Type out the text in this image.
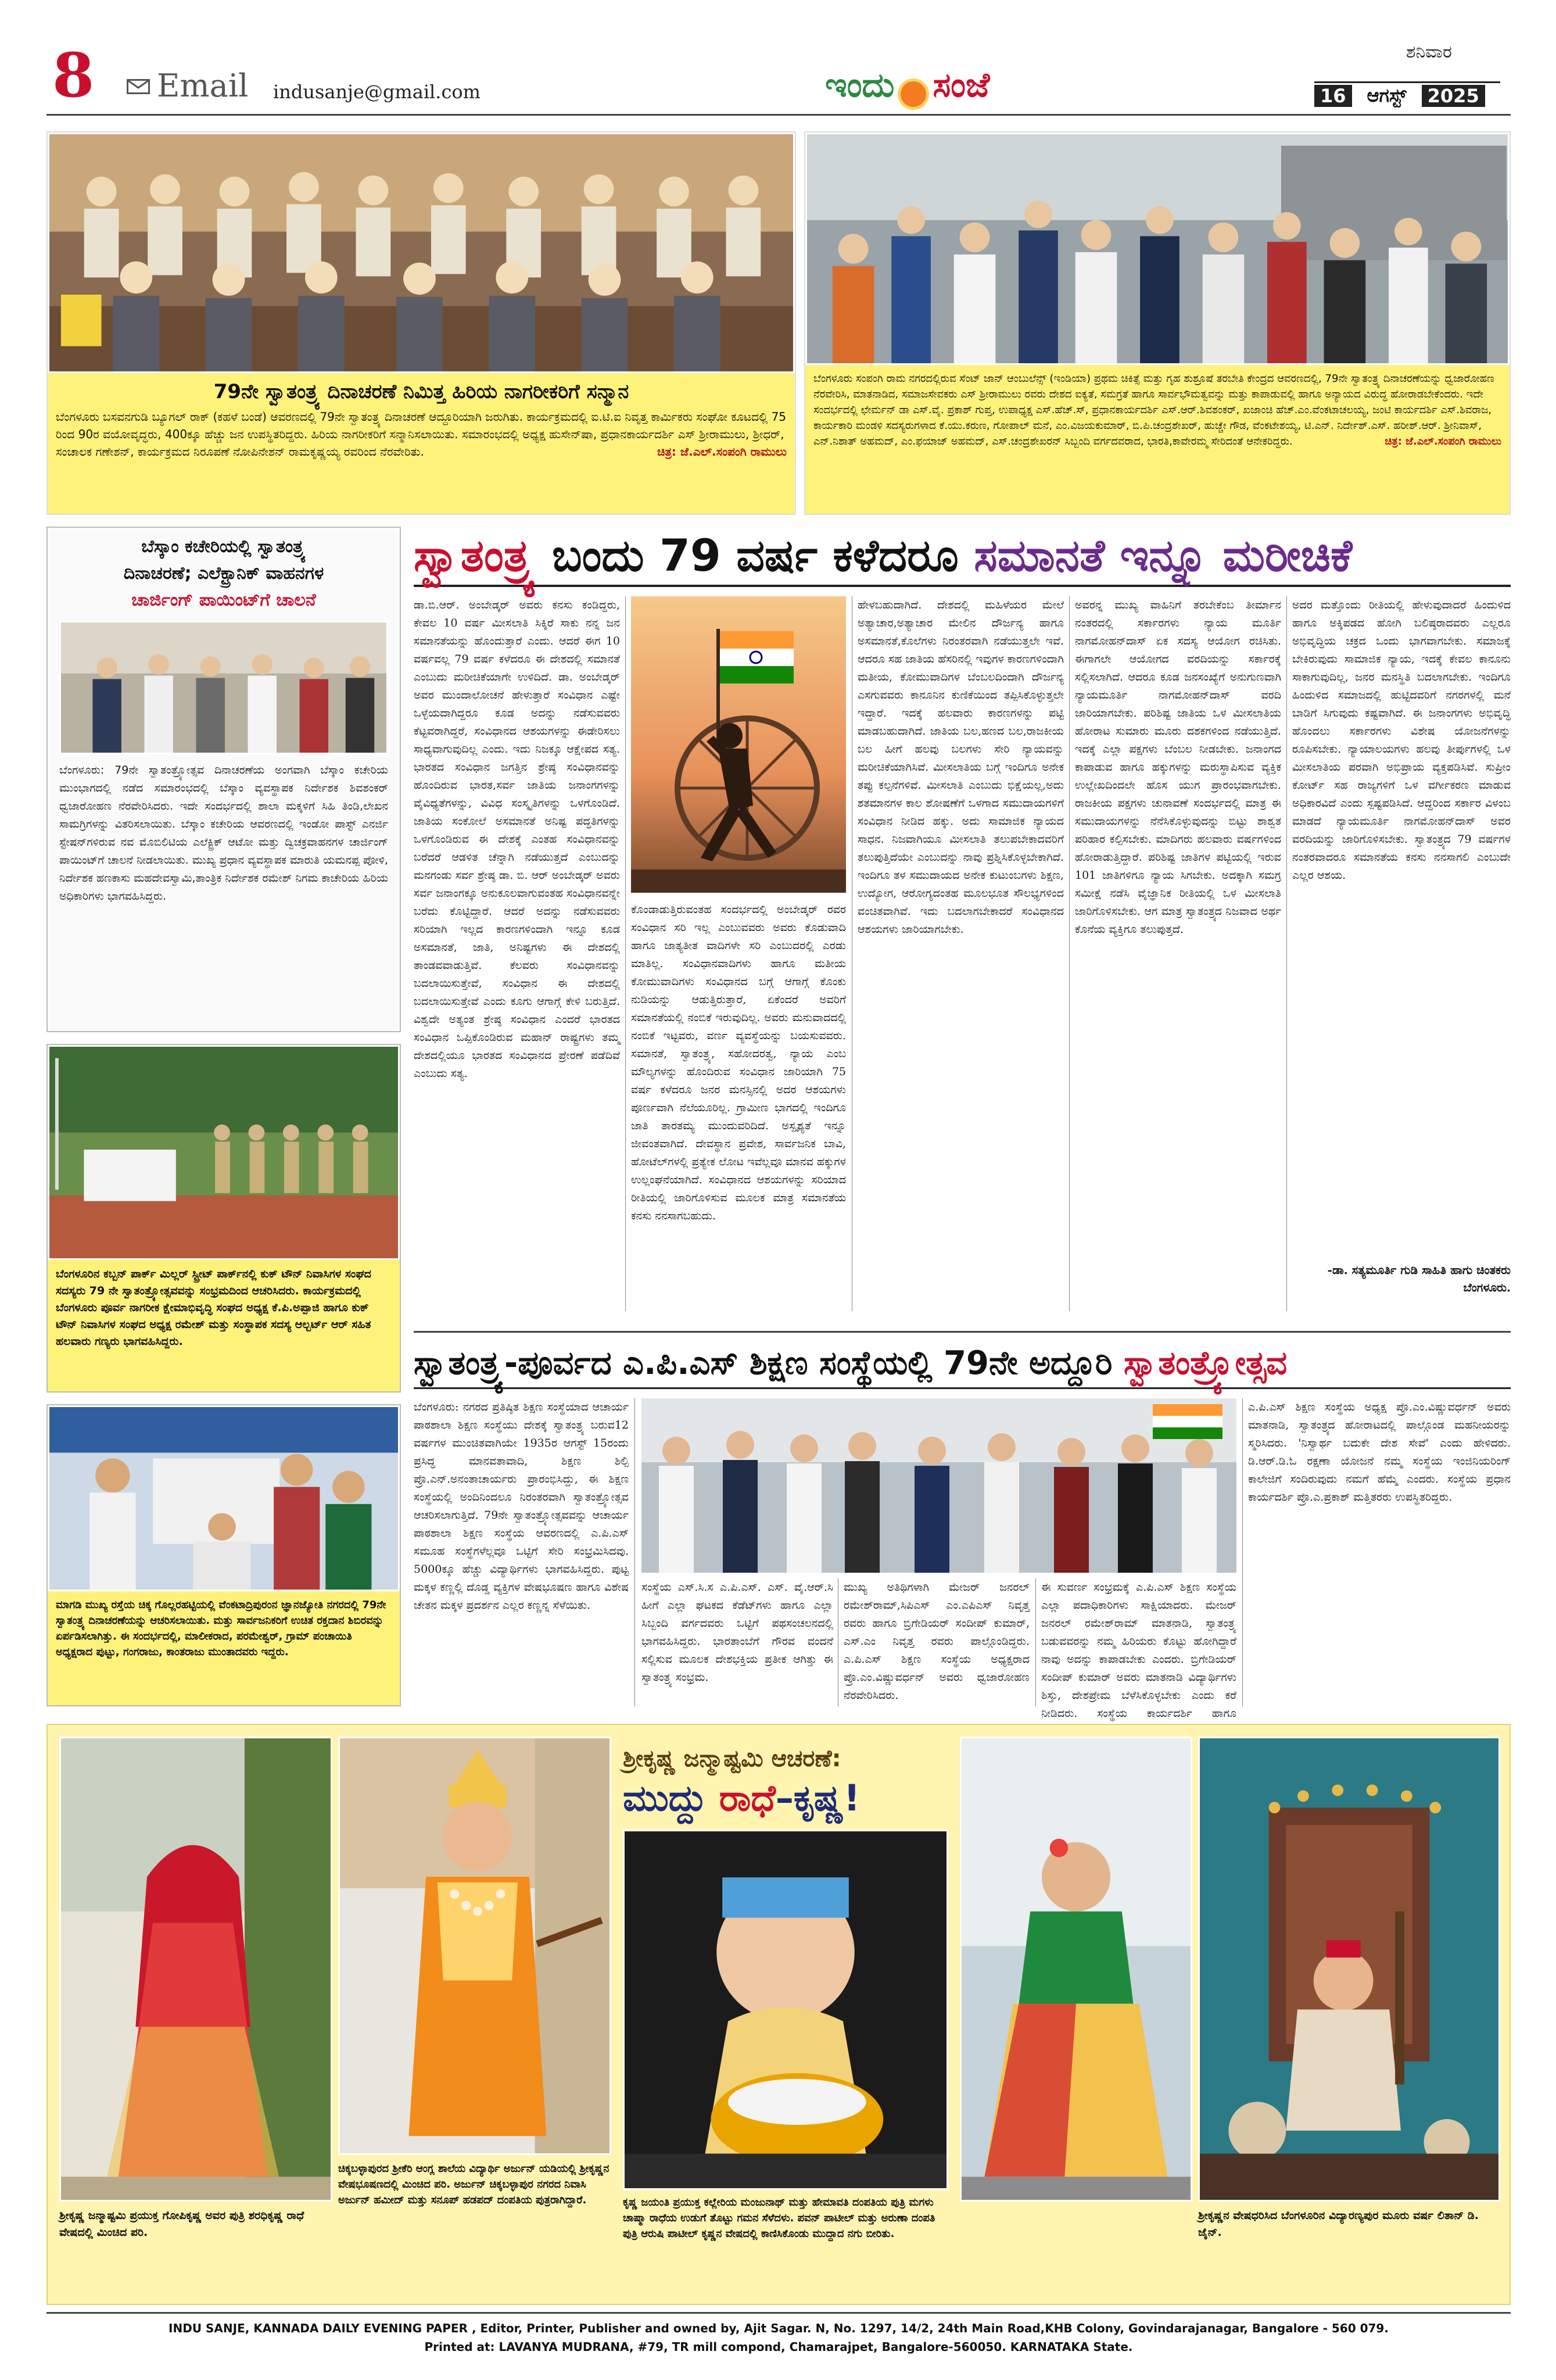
8 Email indusanje@gmail.com	ಇಂದು ಸಂಜೆ
ಶನಿವಾರ
16	ಆಗಸ್ಟ್	2025
79ನೇ ಸ್ವಾತಂತ್ರ್ಯ ದಿನಾಚರಣೆ ನಿಮಿತ್ತ ಹಿರಿಯ ನಾಗರೀಕರಿಗೆ ಸನ್ಮಾನ
ಬೆಂಗಳೂರು ಬಸವನಗುಡಿ ಬ್ಯೂಗಲ್ ರಾಕ್ (ಕಹಳೆ ಬಂಡೆ) ಆವರಣದಲ್ಲಿ 79ನೇ ಸ್ವಾತಂತ್ರ್ಯ ದಿನಾಚರಣೆ ಆದ್ದೂರಿಯಾಗಿ ಜರುಗಿತು. ಕಾರ್ಯಕ್ರಮದಲ್ಲಿ ಐ.ಟಿ.ಐ ನಿವೃತ್ತ ಕಾರ್ಮಿಕರು ಸಂಘೋ ಕೂಟದಲ್ಲಿ 75 ರಿಂದ 90ರ ವಯೋವೃದ್ಧರು, 400ಕ್ಕೂ ಹೆಚ್ಚು ಜನ ಉಪಸ್ಥಿತರಿದ್ದರು. ಹಿರಿಯ ನಾಗರೀಕರಿಗೆ ಸನ್ಮಾನಿಸಲಾಯಿತು. ಸಮಾರಂಭದಲ್ಲಿ ಅಧ್ಯಕ್ಷ ಹುಸೇನ್‌ಷಾ, ಪ್ರಧಾನಕಾರ್ಯದರ್ಶಿ ಎಸ್ ಶ್ರೀರಾಮುಲು, ಶ್ರೀಧರ್, ಸಂಚಾಲಕ ಗಣೇಶನ್, ಕಾರ್ಯಕ್ರಮದ ನಿರೂಪಣೆ ನೋಪಿನೇಶನ್ ರಾಮಕೃಷ್ಣಯ್ಯ ರವರಿಂದ ನೆರವೇರಿತು.	ಚಿತ್ರ: ಜೆ.ಎಲ್.ಸಂಪಂಗಿ ರಾಮುಲು
ಬೆಂಗಳೂರು ಸಂಪಂಗಿ ರಾಮ ನಗರದಲ್ಲಿರುವ ಸೆಂಟ್ ಜಾನ್ ಆಂಬುಲೆನ್ಸ್ (ಇಂಡಿಯಾ) ಪ್ರಥಮ ಚಿಕಿತ್ಸೆ ಮತ್ತು ಗೃಹ ಶುಶ್ರೂಷೆ ತರಬೇತಿ ಕೇಂದ್ರದ ಆವರಣದಲ್ಲಿ, 79ನೇ ಸ್ವಾತಂತ್ರ್ಯ ದಿನಾಚರಣೆಯನ್ನು ಧ್ವಜಾರೋಹಣ ನೆರವೇರಿಸಿ, ಮಾತನಾಡಿದ, ಸಮಾಜಸೇವಕರು ಎಸ್ ಶ್ರೀರಾಮುಲು ರವರು ದೇಶದ ಐಕ್ಯತೆ, ಸಮಗ್ರತೆ ಹಾಗೂ ಸಾರ್ವಭೌಮತ್ವವನ್ನು ಮತ್ತು ಕಾಪಾಡುವಲ್ಲಿ ಹಾಗೂ ಅನ್ಯಾಯದ ವಿರುದ್ಧ ಹೋರಾಡಬೇಕೆಂದರು. ಇದೇ ಸಂದರ್ಭದಲ್ಲಿ ಛೇರ್ಮನ್ ಡಾ ಎಸ್.ವೈ. ಪ್ರಕಾಶ್ ಗುಪ್ತ, ಉಪಾಧ್ಯಕ್ಷ ಎಸ್.ಹೆಚ್.ಸ್, ಪ್ರಧಾನಕಾರ್ಯದರ್ಶಿ ಎಸ್.ಆರ್.ಶಿವಶಂಕರ್, ಖಜಾಂಚಿ ಹೆಚ್.ಎಂ.ವೆಂಕಟಾಚಲಯ್ಯ, ಜಂಟಿ ಕಾರ್ಯದರ್ಶಿ ಎಸ್.ಶಿವರಾಜ, ಕಾರ್ಯಕಾರಿ ಮಂಡಳಿ ಸದಸ್ಯರುಗಳಾದ ಕೆ.ಯು.ಕರುಣ, ಗೋಪಾಲ್ ಮನೆ, ಎಂ.ವಿಜಯಕುಮಾರ್, ಬಿ.ಪಿ.ಚಂದ್ರಶೇಖರ್, ಹುಚ್ಚೇ ಗೌಡ, ವೆಂಕಟೇಶಯ್ಯ, ಟಿ.ಎನ್. ನಿರ್ದೇಶ್.ಎಸ್. ಹರೀಶ್.ಆರ್. ಶ್ರೀನಿವಾಸ್, ಎನ್.ನಿಶಾತ್ ಅಹಮದ್, ಎಂ.ಫಯಾಜ್ ಅಹಮದ್, ಎಸ್.ಚಂದ್ರಶೇಖರನ್ ಸಿಬ್ಬಂದಿ ವರ್ಗದವರಾದ, ಭಾರತಿ,ಕಾವೇರಮ್ಮ ಸೇರಿದಂತೆ ಆನೇಕರಿದ್ದರು.	ಚಿತ್ರ: ಜೆ.ಎಲ್.ಸಂಪಂಗಿ ರಾಮುಲು
ಬೆಸ್ಕಾಂ ಕಚೇರಿಯಲ್ಲಿ ಸ್ವಾತಂತ್ರ್ಯ
ದಿನಾಚರಣೆ; ಎಲೆಕ್ಟ್ರಾನಿಕ್ ವಾಹನಗಳ
ಚಾರ್ಜಿಂಗ್ ಪಾಯಿಂಟ್‌ಗೆ ಚಾಲನೆ
ಬೆಂಗಳೂರು: 79ನೇ ಸ್ವಾತಂತ್ರ್ಯೋತ್ಸವ ದಿನಾಚರಣೆಯ ಅಂಗವಾಗಿ ಬೆಸ್ಕಾಂ ಕಚೇರಿಯ ಮುಂಭಾಗದಲ್ಲಿ ನಡೆದ ಸಮಾರಂಭದಲ್ಲಿ ಬೆಸ್ಕಾಂ ವ್ಯವಸ್ಥಾಪಕ ನಿರ್ದೇಶಕ ಶಿವಶಂಕರ್ ಧ್ವಜಾರೋಹಣ ನೆರವೇರಿಸಿದರು. ಇದೇ ಸಂದರ್ಭದಲ್ಲಿ ಶಾಲಾ ಮಕ್ಕಳಿಗೆ ಸಿಹಿ ತಿಂಡಿ,ಲೇಖನ ಸಾಮಗ್ರಿಗಳನ್ನು ವಿತರಿಸಲಾಯಿತು. ಬೆಸ್ಕಾಂ ಕಚೇರಿಯ ಆವರಣದಲ್ಲಿ ಇಂಡೋ ಪಾಸ್ಟ್ ಎನರ್ಜಿ ಸ್ಟೇಷನ್‌ಗಳಿರುವ ನವ ಮೊಬಿಲಿಟಿಯ ಎಲೆಕ್ಟ್ರಿಕ್ ಆಟೋ ಮತ್ತು ದ್ವಿಚಕ್ರವಾಹನಗಳ ಚಾರ್ಜಿಂಗ್ ಪಾಯಿಂಟ್‌ಗೆ ಚಾಲನೆ ನೀಡಲಾಯಿತು. ಮುಖ್ಯ ಪ್ರಧಾನ ವ್ಯವಸ್ಥಾಪಕ ಮಾರುತಿ ಯಮನಪ್ಪ ಪೋಳಿ, ನಿರ್ದೇಶಕ ಹಣಕಾಸು ಮಹದೇವಸ್ವಾಮಿ,ತಾಂತ್ರಿಕ ನಿರ್ದೇಶಕ ರಮೇಶ್ ನಿಗಮ ಕಾಚೇರಿಯ ಹಿರಿಯ ಅಧಿಕಾರಿಗಳು ಭಾಗವಹಿಸಿದ್ದರು.
ಬೆಂಗಳೂರಿನ ಕಬ್ಬನ್ ಪಾರ್ಕ್ ಮಿಲ್ಲರ್ ಸ್ಟ್ರೀಟ್ ಪಾರ್ಕ್‌ನಲ್ಲಿ ಕುಕ್ ಟೌನ್ ನಿವಾಸಿಗಳ ಸಂಘದ ಸದಸ್ಯರು 79 ನೇ ಸ್ವಾತಂತ್ರ್ಯೋತ್ಸವವನ್ನು ಸಂಭ್ರಮದಿಂದ ಆಚರಿಸಿದರು. ಕಾರ್ಯಕ್ರಮದಲ್ಲಿ ಬೆಂಗಳೂರು ಪೂರ್ವ ನಾಗರೀಕ ಕ್ಷೇಮಾಭಿವೃದ್ಧಿ ಸಂಘದ ಅಧ್ಯಕ್ಷ ಕೆ.ಪಿ.ಅಪ್ಪಾಜಿ ಹಾಗೂ ಕುಕ್ ಟೌನ್ ನಿವಾಸಿಗಳ ಸಂಘದ ಅಧ್ಯಕ್ಷ ರಮೇಶ್ ಮತ್ತು ಸಂಸ್ಥಾಪಕ ಸದಸ್ಯ ಆಲ್ಬರ್ಟ್ ಆರ್ ಸಹಿತ ಹಲವಾರು ಗಣ್ಯರು ಭಾಗವಹಿಸಿದ್ದರು.
ಮಾಗಡಿ ಮುಖ್ಯ ರಸ್ತೆಯ ಚಿಕ್ಕ ಗೊಲ್ಲರಹಟ್ಟಿಯಲ್ಲಿ ವೆಂಕಟಾದ್ರಿಪುರಂನ ಜ್ಞಾನಜ್ಯೋತಿ ನಗರದಲ್ಲಿ 79ನೇ ಸ್ವಾತಂತ್ರ್ಯ ದಿನಾಚರಣೆಯನ್ನು ಆಚರಿಸಲಾಯಿತು. ಮತ್ತು ಸಾರ್ವಜನಿಕರಿಗೆ ಉಚಿತ ರಕ್ತದಾನ ಶಿಬಿರವನ್ನು ಏರ್ಪಡಿಸಲಾಗಿತ್ತು. ಈ ಸಂದರ್ಭದಲ್ಲಿ, ಮಾಲೀಕರಾದ, ಪರಮೇಶ್ವರ್, ಗ್ರಾಮ್ ಪಂಚಾಯಿತಿ ಅಧ್ಯಕ್ಷರಾದ ಪುಟ್ಟು, ಗಂಗರಾಜು, ಕಾಂತರಾಜು ಮುಂತಾದವರು ಇದ್ದರು.
ಸ್ವಾತಂತ್ರ್ಯ ಬಂದು 79 ವರ್ಷ ಕಳೆದರೂ ಸಮಾನತೆ ಇನ್ನೂ ಮರೀಚಿಕೆ
ಡಾ.ಬಿ.ಆರ್. ಅಂಬೇಡ್ಕರ್ ಅವರು ಕನಸು ಕಂಡಿದ್ದರು, ಕೇವಲ 10 ವರ್ಷ ಮೀಸಲಾತಿ ಸಿಕ್ಕಿರೆ ಸಾಕು ನನ್ನ ಜನ ಸಮಾನತೆಯನ್ನು ಹೊಂದುತ್ತಾರೆ ಎಂದು. ಆದರೆ ಈಗ 10 ವರ್ಷವಲ್ಲ 79 ವರ್ಷ ಕಳೆದರೂ ಈ ದೇಶದಲ್ಲಿ ಸಮಾನತೆ ಎಂಬುದು ಮರೀಚಿಕೆಯಾಗೇ ಉಳಿದಿದೆ. ಡಾ. ಅಂಬೇಡ್ಕರ್ ಅವರ ಮುಂದಾಲೋಚನೆ ಹೇಳುತ್ತಾರೆ ಸಂವಿಧಾನ ಎಷ್ಟೇ ಒಳ್ಳೆಯದಾಗಿದ್ದರೂ ಕೂಡ ಅದನ್ನು ನಡೆಸುವವರು ಕೆಟ್ಟವರಾಗಿದ್ದರೆ, ಸಂವಿಧಾನದ ಆಶಯಗಳನ್ನು ಈಡೇರಿಸಲು ಸಾಧ್ಯವಾಗುವುದಿಲ್ಲ ಎಂದು. ಇದು ನಿಜಕ್ಕೂ ಆಕ್ಷೇಪದ ಸತ್ಯ. ಭಾರತದ ಸಂವಿಧಾನ ಜಗತ್ತಿನ ಶ್ರೇಷ್ಠ ಸಂವಿಧಾನವನ್ನು ಹೊಂದಿರುವ ಭಾರತ,ಸರ್ವ ಜಾತಿಯ ಜನಾಂಗಗಳನ್ನು ವೈವಿಧ್ಯತೆಗಳನ್ನು, ವಿವಿಧ ಸಂಸ್ಕೃತಿಗಳನ್ನು ಒಳಗೊಂಡಿದೆ. ಜಾತಿಯ ಸಂಕೋಲೆ ಅಸಮಾನತೆ ಅನಿಷ್ಟ ಪದ್ಧತಿಗಳನ್ನು ಒಳಗೊಂಡಿರುವ ಈ ದೇಶಕ್ಕೆ ಎಂತಹ ಸಂವಿಧಾನವನ್ನು ಬರೆದರೆ ಆಡಳಿತ ಚೆನ್ನಾಗಿ ನಡೆಯುತ್ತದೆ ಎಂಬುದನ್ನು ಮನಗಂಡು ಸರ್ವ ಶ್ರೇಷ್ಠ ಡಾ. ಬಿ. ಆರ್ ಅಂಬೇಡ್ಕರ್ ಅವರು ಸರ್ವ ಜನಾಂಗಕ್ಕೂ ಅನುಕೂಲವಾಗುವಂತಹ ಸಂವಿಧಾನವನ್ನೇ ಬರೆದು ಕೊಟ್ಟಿದ್ದಾರೆ. ಆದರೆ ಅದನ್ನು ನಡೆಸುವವರು ಸರಿಯಾಗಿ ಇಲ್ಲದ ಕಾರಣಗಳಿಂದಾಗಿ ಇನ್ನೂ ಕೂಡ ಅಸಮಾನತೆ, ಜಾತಿ, ಅನಿಷ್ಟಗಳು ಈ ದೇಶದಲ್ಲಿ ತಾಂಡವವಾಡುತ್ತಿವೆ. ಕೆಲವರು ಸಂವಿಧಾನವನ್ನು ಬದಲಾಯಿಸುತ್ತೇವೆ, ಸಂವಿಧಾನ ಈ ದೇಶದಲ್ಲಿ ಬದಲಾಯಿಸುತ್ತೇವೆ ಎಂದು ಕೂಗು ಆಗಾಗ್ಗೆ ಕೇಳಿ ಬರುತ್ತಿದೆ. ವಿಶ್ವದೇ ಅತ್ಯಂತ ಶ್ರೇಷ್ಠ ಸಂವಿಧಾನ ಎಂದರೆ ಭಾರತದ ಸಂವಿಧಾನ ಒಪ್ಪಿಕೊಂಡಿರುವ ಮಹಾನ್ ರಾಷ್ಟ್ರಗಳು ತಮ್ಮ ದೇಶದಲ್ಲಿಯೂ ಭಾರತದ ಸಂವಿಧಾನದ ಪ್ರೇರಣೆ ಪಡೆದಿವೆ ಎಂಬುದು ಸತ್ಯ.
ಕೊಂಡಾಡುತ್ತಿರುವಂತಹ ಸಂದರ್ಭದಲ್ಲಿ ಅಂಬೇಡ್ಕರ್ ರವರ ಸಂವಿಧಾನ ಸರಿ ಇಲ್ಲ ಎಂಬುವವರು ಅವರು ಕೊಡುವಾದಿ ಹಾಗೂ ಜಾತ್ಯತೀತ ವಾದಿಗಳೇ ಸರಿ ಎಂಬುದರಲ್ಲಿ ಎರಡು ಮಾತಿಲ್ಲ. ಸಂವಿಧಾನವಾದಿಗಳು ಹಾಗೂ ಮತೀಯ ಕೋಮುವಾದಿಗಳು ಸಂವಿಧಾನದ ಬಗ್ಗೆ ಆಗಾಗ್ಗೆ ಕೊಂಕು ನುಡಿಯನ್ನು ಆಡುತ್ತಿರುತ್ತಾರೆ, ಏಕೆಂದರೆ ಅವರಿಗೆ ಸಮಾನತೆಯಲ್ಲಿ ನಂಬಿಕೆ ಇರುವುದಿಲ್ಲ. ಅವರು ಮನುವಾದದಲ್ಲಿ ನಂಬಿಕೆ ಇಟ್ಟವರು, ವರ್ಣ ವ್ಯವಸ್ಥೆಯನ್ನು ಬಯಸುವವರು. ಸಮಾನತೆ, ಸ್ವಾತಂತ್ರ್ಯ, ಸಹೋದರತ್ವ, ನ್ಯಾಯ ಎಂಬ ಮೌಲ್ಯಗಳನ್ನು ಹೊಂದಿರುವ ಸಂವಿಧಾನ ಜಾರಿಯಾಗಿ 75 ವರ್ಷ ಕಳೆದರೂ ಜನರ ಮನಸ್ಸಿನಲ್ಲಿ ಅದರ ಆಶಯಗಳು ಪೂರ್ಣವಾಗಿ ನೆಲೆಯೂರಿಲ್ಲ. ಗ್ರಾಮೀಣ ಭಾಗದಲ್ಲಿ ಇಂದಿಗೂ ಜಾತಿ ತಾರತಮ್ಯ ಮುಂದುವರಿದಿದೆ. ಅಸ್ಪೃಶ್ಯತೆ ಇನ್ನೂ ಜೀವಂತವಾಗಿದೆ. ದೇವಸ್ಥಾನ ಪ್ರವೇಶ, ಸಾರ್ವಜನಿಕ ಬಾವಿ, ಹೋಟೆಲ್‌ಗಳಲ್ಲಿ ಪ್ರತ್ಯೇಕ ಲೋಟ ಇವೆಲ್ಲವೂ ಮಾನವ ಹಕ್ಕುಗಳ ಉಲ್ಲಂಘನೆಯಾಗಿದೆ. ಸಂವಿಧಾನದ ಆಶಯಗಳನ್ನು ಸರಿಯಾದ ರೀತಿಯಲ್ಲಿ ಜಾರಿಗೊಳಿಸುವ ಮೂಲಕ ಮಾತ್ರ ಸಮಾನತೆಯ ಕನಸು ನನಸಾಗಬಹುದು.
ಹೇಳಬಹುದಾಗಿದೆ. ದೇಶದಲ್ಲಿ ಮಹಿಳೆಯರ ಮೇಲೆ ಅತ್ಯಾಚಾರ,ಅತ್ಯಾಚಾರ ಮೇಲಿನ ದೌರ್ಜನ್ಯ ಹಾಗೂ ಅಸಮಾನತೆ,ಕೊಲೆಗಳು ನಿರಂತರವಾಗಿ ನಡೆಯುತ್ತಲೇ ಇವೆ. ಆದರೂ ಸಹ ಜಾತಿಯ ಹೆಸರಿನಲ್ಲಿ ಇವುಗಳ ಕಾರಣಗಳಿಂದಾಗಿ ಮತೀಯ, ಕೋಮುವಾದಿಗಳ ಬೆಂಬಲದಿಂದಾಗಿ ದೌರ್ಜನ್ಯ ಎಸಗುವವರು ಕಾನೂನಿನ ಕುಣಿಕೆಯಿಂದ ತಪ್ಪಿಸಿಕೊಳ್ಳುತ್ತಲೇ ಇದ್ದಾರೆ. ಇದಕ್ಕೆ ಹಲವಾರು ಕಾರಣಗಳನ್ನು ಪಟ್ಟಿ ಮಾಡಬಹುದಾಗಿದೆ. ಜಾತಿಯ ಬಲ,ಹಣದ ಬಲ,ರಾಜಕೀಯ ಬಲ ಹೀಗೆ ಹಲವು ಬಲಗಳು ಸೇರಿ ನ್ಯಾಯವನ್ನು ಮರೀಚಿಕೆಯಾಗಿಸಿವೆ. ಮೀಸಲಾತಿಯ ಬಗ್ಗೆ ಇಂದಿಗೂ ಅನೇಕ ತಪ್ಪು ಕಲ್ಪನೆಗಳಿವೆ. ಮೀಸಲಾತಿ ಎಂಬುದು ಭಿಕ್ಷೆಯಲ್ಲ,ಅದು ಶತಮಾನಗಳ ಕಾಲ ಶೋಷಣೆಗೆ ಒಳಗಾದ ಸಮುದಾಯಗಳಿಗೆ ಸಂವಿಧಾನ ನೀಡಿದ ಹಕ್ಕು. ಅದು ಸಾಮಾಜಿಕ ನ್ಯಾಯದ ಸಾಧನ. ನಿಜವಾಗಿಯೂ ಮೀಸಲಾತಿ ತಲುಪಬೇಕಾದವರಿಗೆ ತಲುಪುತ್ತಿದೆಯೇ ಎಂಬುದನ್ನು ನಾವು ಪ್ರಶ್ನಿಸಿಕೊಳ್ಳಬೇಕಾಗಿದೆ. ಇಂದಿಗೂ ತಳ ಸಮುದಾಯದ ಅನೇಕ ಕುಟುಂಬಗಳು ಶಿಕ್ಷಣ, ಉದ್ಯೋಗ, ಆರೋಗ್ಯದಂತಹ ಮೂಲಭೂತ ಸೌಲಭ್ಯಗಳಿಂದ ವಂಚಿತವಾಗಿವೆ. ಇದು ಬದಲಾಗಬೇಕಾದರೆ ಸಂವಿಧಾನದ ಆಶಯಗಳು ಜಾರಿಯಾಗಬೇಕು.
ಅವರನ್ನ ಮುಖ್ಯ ವಾಹಿನಿಗೆ ತರಬೇಕೆಂಬ ತೀರ್ಮಾನ ನಂತರದಲ್ಲಿ ಸರ್ಕಾರಗಳು ನ್ಯಾಯ ಮೂರ್ತಿ ನಾಗಮೋಹನ್‌ದಾಸ್ ಏಕ ಸದಸ್ಯ ಆಯೋಗ ರಚಿಸಿತು. ಈಗಾಗಲೇ ಆಯೋಗದ ವರದಿಯನ್ನು ಸರ್ಕಾರಕ್ಕೆ ಸಲ್ಲಿಸಲಾಗಿದೆ. ಆದರೂ ಕೂಡ ಜನಸಂಖ್ಯೆಗೆ ಅನುಗುಣವಾಗಿ ನ್ಯಾಯಮೂರ್ತಿ ನಾಗಮೋಹನ್‌ದಾಸ್ ವರದಿ ಜಾರಿಯಾಗಬೇಕು. ಪರಿಶಿಷ್ಟ ಜಾತಿಯ ಒಳ ಮೀಸಲಾತಿಯ ಹೋರಾಟ ಸುಮಾರು ಮೂರು ದಶಕಗಳಿಂದ ನಡೆಯುತ್ತಿದೆ. ಇದಕ್ಕೆ ಎಲ್ಲಾ ಪಕ್ಷಗಳು ಬೆಂಬಲ ನೀಡಬೇಕು. ಜನಾಂಗದ ಕಾಪಾಡುವ ಹಾಗೂ ಹಕ್ಕುಗಳನ್ನು ಮರುಸ್ಥಾಪಿಸುವ ವ್ಯಕ್ತಿಕ ಉಲ್ಲೇಖದಿಂದಲೇ ಹೊಸ ಯುಗ ಪ್ರಾರಂಭವಾಗಬೇಕು. ರಾಜಕೀಯ ಪಕ್ಷಗಳು ಚುನಾವಣೆ ಸಂದರ್ಭದಲ್ಲಿ ಮಾತ್ರ ಈ ಸಮುದಾಯಗಳನ್ನು ನೆನೆಸಿಕೊಳ್ಳುವುದನ್ನು ಬಿಟ್ಟು ಶಾಶ್ವತ ಪರಿಹಾರ ಕಲ್ಪಿಸಬೇಕು. ಮಾದಿಗರು ಹಲವಾರು ವರ್ಷಗಳಿಂದ ಹೋರಾಡುತ್ತಿದ್ದಾರೆ. ಪರಿಶಿಷ್ಟ ಜಾತಿಗಳ ಪಟ್ಟಿಯಲ್ಲಿ ಇರುವ 101 ಜಾತಿಗಳಿಗೂ ನ್ಯಾಯ ಸಿಗಬೇಕು. ಅದಕ್ಕಾಗಿ ಸಮಗ್ರ ಸಮೀಕ್ಷೆ ನಡೆಸಿ ವೈಜ್ಞಾನಿಕ ರೀತಿಯಲ್ಲಿ ಒಳ ಮೀಸಲಾತಿ ಜಾರಿಗೊಳಿಸಬೇಕು. ಆಗ ಮಾತ್ರ ಸ್ವಾತಂತ್ರ್ಯದ ನಿಜವಾದ ಅರ್ಥ ಕೊನೆಯ ವ್ಯಕ್ತಿಗೂ ತಲುಪುತ್ತದೆ.
ಅದರ ಮತ್ತೊಂದು ರೀತಿಯಲ್ಲಿ ಹೇಳುವುದಾದರೆ ಹಿಂದುಳಿದ ಹಾಗೂ ಅಕ್ಕಿಪಡದ ಹೋಗಿ ಬಲಿಷ್ಠರಾದವರು ಎಲ್ಲರೂ ಅಭಿವೃದ್ಧಿಯ ಚಕ್ರದ ಒಂದು ಭಾಗವಾಗಬೇಕು. ಸಮಾಜಕ್ಕೆ ಬೇಕಿರುವುದು ಸಾಮಾಜಿಕ ನ್ಯಾಯ, ಇದಕ್ಕೆ ಕೇವಲ ಕಾನೂನು ಸಾಕಾಗುವುದಿಲ್ಲ, ಜನರ ಮನಸ್ಥಿತಿ ಬದಲಾಗಬೇಕು. ಇಂದಿಗೂ ಹಿಂದುಳಿದ ಸಮಾಜದಲ್ಲಿ ಹುಟ್ಟಿದವರಿಗೆ ನಗರಗಳಲ್ಲಿ ಮನೆ ಬಾಡಿಗೆ ಸಿಗುವುದು ಕಷ್ಟವಾಗಿದೆ. ಈ ಜನಾಂಗಗಳು ಅಭಿವೃದ್ಧಿ ಹೊಂದಲು ಸರ್ಕಾರಗಳು ವಿಶೇಷ ಯೋಜನೆಗಳನ್ನು ರೂಪಿಸಬೇಕು. ನ್ಯಾಯಾಲಯಗಳು ಹಲವು ತೀರ್ಪುಗಳಲ್ಲಿ ಒಳ ಮೀಸಲಾತಿಯ ಪರವಾಗಿ ಅಭಿಪ್ರಾಯ ವ್ಯಕ್ತಪಡಿಸಿವೆ. ಸುಪ್ರೀಂ ಕೋರ್ಟ್ ಸಹ ರಾಜ್ಯಗಳಿಗೆ ಒಳ ವರ್ಗೀಕರಣ ಮಾಡುವ ಅಧಿಕಾರವಿದೆ ಎಂದು ಸ್ಪಷ್ಟಪಡಿಸಿದೆ. ಆದ್ದರಿಂದ ಸರ್ಕಾರ ವಿಳಂಬ ಮಾಡದೆ ನ್ಯಾಯಮೂರ್ತಿ ನಾಗಮೋಹನ್‌ದಾಸ್ ಅವರ ವರದಿಯನ್ನು ಜಾರಿಗೊಳಿಸಬೇಕು. ಸ್ವಾತಂತ್ರ್ಯದ 79 ವರ್ಷಗಳ ನಂತರವಾದರೂ ಸಮಾನತೆಯ ಕನಸು ನನಸಾಗಲಿ ಎಂಬುದೇ ಎಲ್ಲರ ಆಶಯ.
-ಡಾ. ಸತ್ಯಮೂರ್ತಿ ಗುಡಿ ಸಾಹಿತಿ ಹಾಗು ಚಿಂತಕರು ಬೆಂಗಳೂರು.
ಸ್ವಾತಂತ್ರ್ಯ-ಪೂರ್ವದ ಎ.ಪಿ.ಎಸ್ ಶಿಕ್ಷಣ ಸಂಸ್ಥೆಯಲ್ಲಿ 79ನೇ ಅದ್ದೂರಿ ಸ್ವಾತಂತ್ರ್ಯೋತ್ಸವ
ಬೆಂಗಳೂರು: ನಗರದ ಪ್ರತಿಷ್ಠಿತ ಶಿಕ್ಷಣ ಸಂಸ್ಥೆಯಾದ ಆಚಾರ್ಯ ಪಾಠಶಾಲಾ ಶಿಕ್ಷಣ ಸಂಸ್ಥೆಯು ದೇಶಕ್ಕೆ ಸ್ವಾತಂತ್ರ್ಯ ಬರುವ12 ವರ್ಷಗಳ ಮುಂಚಿತವಾಗಿಯೇ 1935ರ ಆಗಸ್ಟ್ 15ರಂದು ಪ್ರಸಿದ್ಧ ಮಾನವತಾವಾದಿ, ಶಿಕ್ಷಣ ಶಿಲ್ಪಿ ಪ್ರೊ.ಎನ್.ಅನಂತಾಚಾರ್ಯರು ಪ್ರಾರಂಭಿಸಿದ್ದು, ಈ ಶಿಕ್ಷಣ ಸಂಸ್ಥೆಯಲ್ಲಿ ಅಂದಿನಿಂದಲೂ ನಿರಂತರವಾಗಿ ಸ್ವಾತಂತ್ರ್ಯೋತ್ಸವ ಆಚರಿಸಲಾಗುತ್ತಿದೆ. 79ನೇ ಸ್ವಾತಂತ್ರ್ಯೋತ್ಸವವನ್ನು ಆಚಾರ್ಯ ಪಾಠಶಾಲಾ ಶಿಕ್ಷಣ ಸಂಸ್ಥೆಯ ಆವರಣದಲ್ಲಿ ಎ.ಪಿ.ಎಸ್ ಸಮೂಹ ಸಂಸ್ಥೆಗಳೆಲ್ಲವೂ ಒಟ್ಟಿಗೆ ಸೇರಿ ಸಂಭ್ರಮಿಸಿದವು. 5000ಕ್ಕೂ ಹೆಚ್ಚು ವಿದ್ಯಾರ್ಥಿಗಳು ಭಾಗವಹಿಸಿದ್ದರು. ಪುಟ್ಟ ಮಕ್ಕಳ ಕಣ್ಣಲ್ಲಿ ದೊಡ್ಡ ವ್ಯಕ್ತಿಗಳ ವೇಷಭೂಷಣ ಹಾಗೂ ವಿಶೇಷ ಚೇತನ ಮಕ್ಕಳ ಪ್ರದರ್ಶನ ಎಲ್ಲರ ಕಣ್ಣನ್ನ ಸೆಳೆಯಿತು.
ಸಂಸ್ಥೆಯ ಎಸ್.ಸಿ.ಸ ಎ.ಪಿ.ಎಸ್. ಎಸ್. ವೈ.ಆರ್.ಸಿ ಹೀಗೆ ಎಲ್ಲಾ ಘಟಕದ ಕೆಡೆಟ್‌ಗಳು ಹಾಗೂ ಎಲ್ಲಾ ಸಿಬ್ಬಂದಿ ವರ್ಗದವರು ಒಟ್ಟಿಗೆ ಪಥಸಂಚಲನದಲ್ಲಿ ಭಾಗವಹಿಸಿದ್ದರು. ಭಾರತಾಂಬೆಗೆ ಗೌರವ ವಂದನೆ ಸಲ್ಲಿಸುವ ಮೂಲಕ ದೇಶಭಕ್ತಿಯ ಪ್ರತೀಕ ಆಗಿತ್ತು ಈ ಸ್ವಾತಂತ್ರ್ಯ ಸಂಭ್ರಮ.
ಮುಖ್ಯ ಅತಿಥಿಗಳಾಗಿ ಮೇಜರ್ ಜನರಲ್ ರಮೇಶ್‌ರಾಮ್,ಸಿಪಿಎಸ್ ಎಂ.ಎಪಿಎಸ್ ನಿವೃತ್ತ ರವರು ಹಾಗೂ ಬ್ರಿಗೇಡಿಯರ್ ಸಂದೀಪ್ ಕುಮಾರ್, ಎಸ್.ಎಂ ನಿವೃತ್ತ ರವರು ಪಾಲ್ಗೊಂಡಿದ್ದರು. ಎ.ಪಿ.ಎಸ್ ಶಿಕ್ಷಣ ಸಂಸ್ಥೆಯ ಅಧ್ಯಕ್ಷರಾದ ಪ್ರೊ.ಎಂ.ವಿಷ್ಣುವರ್ಧನ್ ಅವರು ಧ್ವಜಾರೋಹಣ ನೆರವೇರಿಸಿದರು.
ಈ ಸುವರ್ಣ ಸಂಭ್ರಮಕ್ಕೆ ಎ.ಪಿ.ಎಸ್ ಶಿಕ್ಷಣ ಸಂಸ್ಥೆಯ ಎಲ್ಲಾ ಪದಾಧಿಕಾರಿಗಳು ಸಾಕ್ಷಿಯಾದರು. ಮೇಜರ್ ಜನರಲ್ ರಮೇಶ್‌ರಾಮ್ ಮಾತನಾಡಿ, ಸ್ವಾತಂತ್ರ್ಯ ಬಡುವವರನ್ನು ನಮ್ಮ ಹಿರಿಯರು ಕೊಟ್ಟು ಹೋಗಿದ್ದಾರೆ ನಾವು ಅದನ್ನು ಕಾಪಾಡಬೇಕು ಎಂದರು. ಬ್ರಿಗೇಡಿಯರ್ ಸಂದೀಪ್ ಕುಮಾರ್ ಅವರು ಮಾತನಾಡಿ ವಿದ್ಯಾರ್ಥಿಗಳು ಶಿಸ್ತು, ದೇಶಪ್ರೇಮ ಬೆಳೆಸಿಕೊಳ್ಳಬೇಕು ಎಂದು ಕರೆ ನೀಡಿದರು. ಸಂಸ್ಥೆಯ ಕಾರ್ಯದರ್ಶಿ ಹಾಗೂ
ಎ.ಪಿ.ಎಸ್ ಶಿಕ್ಷಣ ಸಂಸ್ಥೆಯ ಅಧ್ಯಕ್ಷ ಪ್ರೊ.ಎಂ.ವಿಷ್ಣುವರ್ಧನ್ ಅವರು ಮಾತನಾಡಿ, ಸ್ವಾತಂತ್ರ್ಯದ ಹೋರಾಟದಲ್ಲಿ ಪಾಲ್ಗೊಂಡ ಮಹನೀಯರನ್ನು ಸ್ಮರಿಸಿದರು. 'ನಿಸ್ವಾರ್ಥ ಬದುಕೇ ದೇಶ ಸೇವೆ' ಎಂದು ಹೇಳಿದರು. ಡಿ.ಆರ್.ಡಿ.ಓ ರಕ್ಷಣಾ ಯೋಜನೆ ನಮ್ಮ ಸಂಸ್ಥೆಯ ಇಂಜಿನಿಯರಿಂಗ್ ಕಾಲೇಜಿಗೆ ಸಂದಿರುವುದು ನಮಗೆ ಹೆಮ್ಮೆ ಎಂದರು. ಸಂಸ್ಥೆಯ ಪ್ರಧಾನ ಕಾರ್ಯದರ್ಶಿ ಪ್ರೊ.ಎ.ಪ್ರಕಾಶ್ ಮತ್ತಿತರರು ಉಪಸ್ಥಿತರಿದ್ದರು.
ಶ್ರೀಕೃಷ್ಣ ಜನ್ಮಾಷ್ಟಮಿ ಪ್ರಯುಕ್ತ ಗೋಪಿಕೃಷ್ಣ ಅವರ ಪುತ್ರಿ ಶರಧಿಕೃಷ್ಣ ರಾಧೆ ವೇಷದಲ್ಲಿ ಮಿಂಚಿದ ಪರಿ.
ಚಿಕ್ಕಬಳ್ಳಾಪುರದ ಶ್ರೀಕೆರಿ ಆಂಗ್ಲ ಶಾಲೆಯ ವಿದ್ಯಾರ್ಥಿ ಅರ್ಜುನ್ ಯಡಿಯಲ್ಲಿ ಶ್ರೀಕೃಷ್ಣನ ವೇಷಭೂಷಣದಲ್ಲಿ ಮಿಂಚಿದ ಪರಿ. ಅರ್ಜುನ್ ಚಿಕ್ಕಬಳ್ಳಾಪುರ ನಗರದ ನಿವಾಸಿ ಅರ್ಜುನ್ ಹಮೀದ್ ಮತ್ತು ಸನೂಪ್ ಹಡಪದ್ ದಂಪತಿಯ ಪುತ್ರರಾಗಿದ್ದಾರೆ.
ಶ್ರೀಕೃಷ್ಣ ಜನ್ಮಾಷ್ಟಮಿ ಆಚರಣೆ:
ಮುದ್ದು ರಾಧೆ–ಕೃಷ್ಣ!
ಕೃಷ್ಣ ಜಯಂತಿ ಪ್ರಯುಕ್ತ ಕಲ್ಲೇರಿಯ ಮಂಜುನಾಥ್ ಮತ್ತು ಹೇಮಾವತಿ ದಂಪತಿಯ ಪುತ್ರಿ ಮಗಳು ಚಾಷ್ಮಾ ರಾಧೆಯ ಉಡುಗೆ ತೊಟ್ಟು ಗಮನ ಸೆಳೆದಳು. ಪವನ್ ಪಾಟೀಲ್ ಮತ್ತು ಅರುಣಾ ದಂಪತಿ ಪುತ್ರಿ ಆರುಷಿ ಪಾಟೀಲ್ ಕೃಷ್ಣನ ವೇಷದಲ್ಲಿ ಕಾಣಿಸಿಕೊಂಡು ಮುದ್ದಾದ ನಗು ಬೀರಿತು.
ಶ್ರೀಕೃಷ್ಣನ ವೇಷಧರಿಸಿದ ಬೆಂಗಳೂರಿನ ವಿದ್ಯಾರಣ್ಯಪುರ ಮೂರು ವರ್ಷ ಲಿತಾನ್ ಡಿ. ಜೈನ್.
INDU SANJE, KANNADA DAILY EVENING PAPER , Editor, Printer, Publisher and owned by, Ajit Sagar. N, No. 1297, 14/2, 24th Main Road,KHB Colony, Govindarajanagar, Bangalore - 560 079.
Printed at: LAVANYA MUDRANA, #79, TR mill compond, Chamarajpet, Bangalore-560050. KARNATAKA State.
